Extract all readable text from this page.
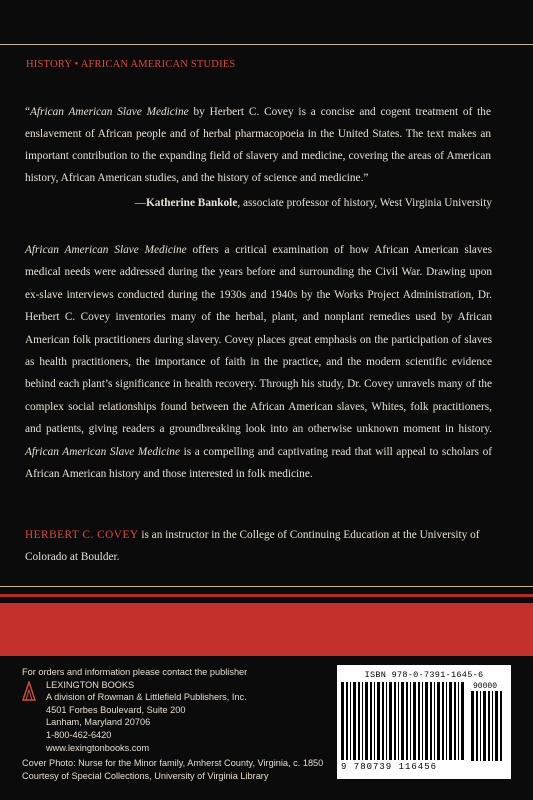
HISTORY • AFRICAN AMERICAN STUDIES
“African American Slave Medicine by Herbert C. Covey is a concise and cogent treatment of the enslavement of African people and of herbal pharmacopoeia in the United States. The text makes an important contribution to the expanding field of slavery and medicine, covering the areas of American history, African American studies, and the history of science and medicine.”
—Katherine Bankole, associate professor of history, West Virginia University
African American Slave Medicine offers a critical examination of how African American slaves medical needs were addressed during the years before and surrounding the Civil War. Drawing upon ex-slave interviews conducted during the 1930s and 1940s by the Works Project Administration, Dr. Herbert C. Covey inventories many of the herbal, plant, and nonplant remedies used by African American folk practitioners during slavery. Covey places great emphasis on the participation of slaves as health practitioners, the importance of faith in the practice, and the modern scientific evidence behind each plant’s significance in health recovery. Through his study, Dr. Covey unravels many of the complex social relationships found between the African American slaves, Whites, folk practitioners, and patients, giving readers a groundbreaking look into an otherwise unknown moment in history. African American Slave Medicine is a compelling and captivating read that will appeal to scholars of African American history and those interested in folk medicine.
HERBERT C. COVEY is an instructor in the College of Continuing Education at the University of Colorado at Boulder.
For orders and information please contact the publisher
LEXINGTON BOOKS
A division of Rowman & Littlefield Publishers, Inc.
4501 Forbes Boulevard, Suite 200
Lanham, Maryland 20706
1-800-462-6420
www.lexingtonbooks.com
Cover Photo: Nurse for the Minor family, Amherst County, Virginia, c. 1850
Courtesy of Special Collections, University of Virginia Library
ISBN 978-0-7391-1645-6
90000
9 780739 116456
